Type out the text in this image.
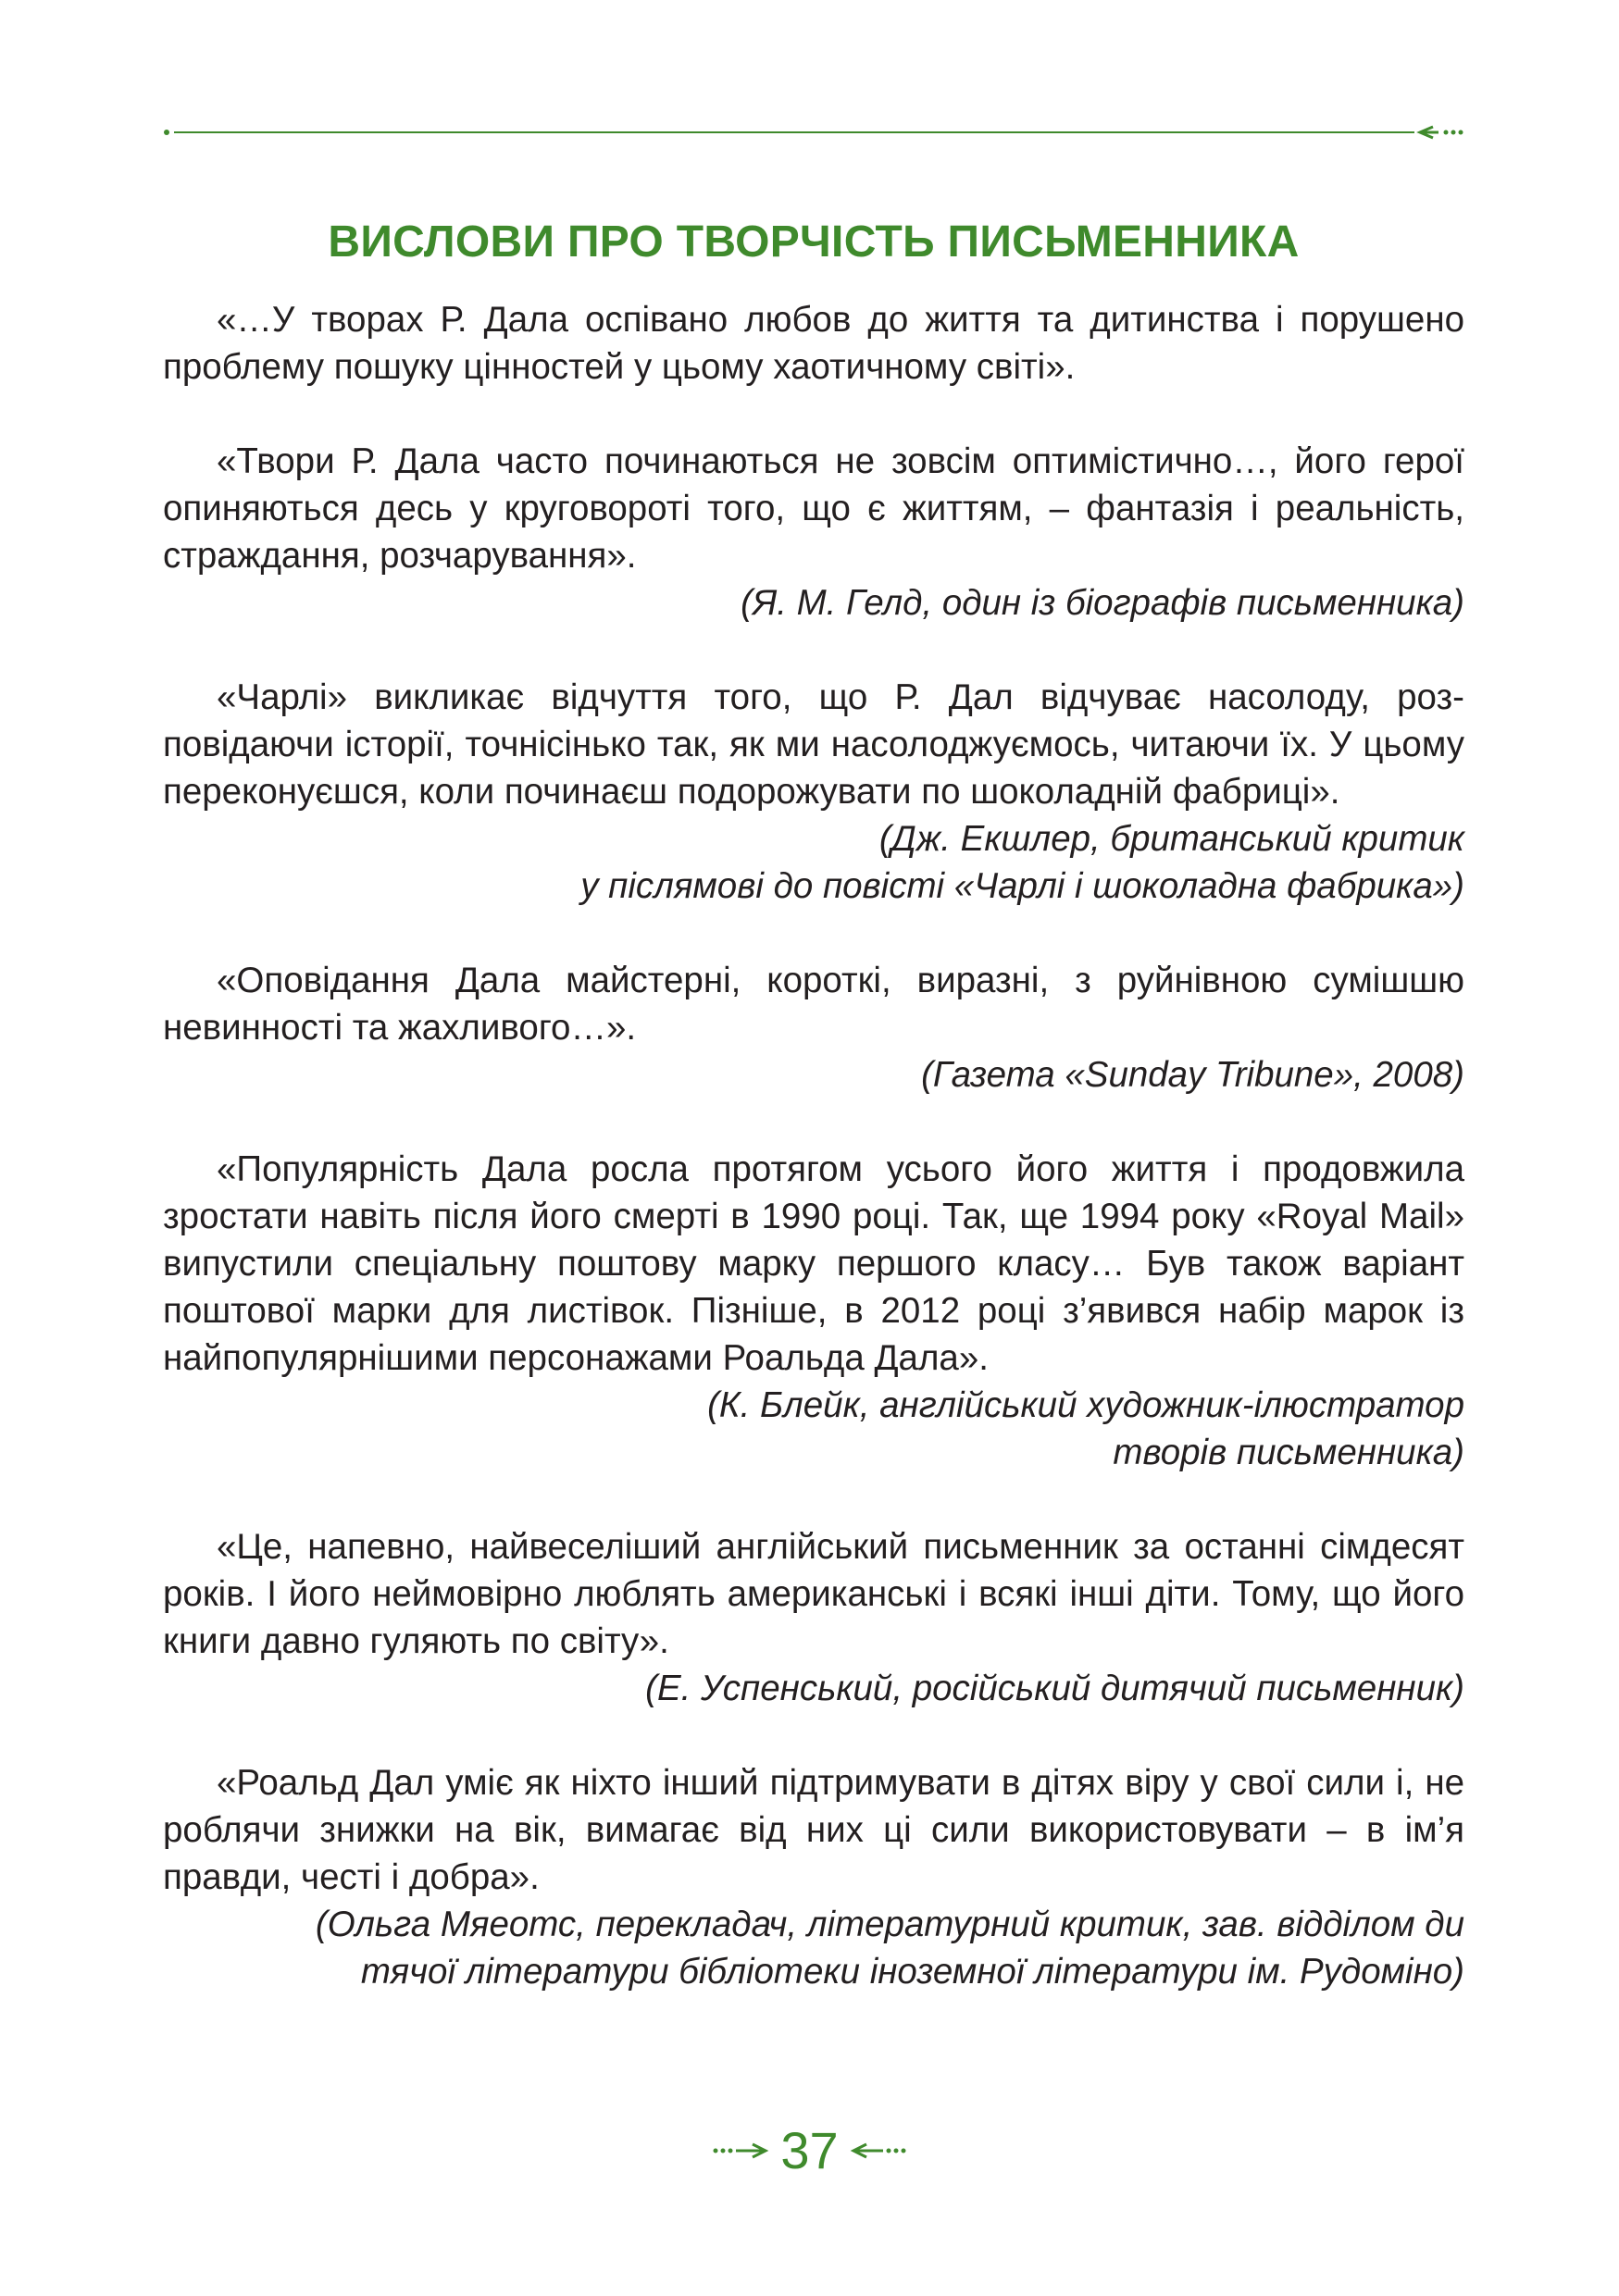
ВИСЛОВИ ПРО ТВОРЧІСТЬ ПИСЬМЕННИКА

«…У творах Р. Дала оспівано любов до життя та дитинства і порушено проблему пошуку цінностей у цьому хаотичному світі».

«Твори Р. Дала часто починаються не зовсім оптимістично…, його герої опиняються десь у круговороті того, що є життям, – фантазія і реальність, страждання, розчарування».

(Я. М. Гелд, один із біографів письменника)

«Чарлі» викликає відчуття того, що Р. Дал відчуває насолоду, розповідаючи історії, точнісінько так, як ми насолоджуємось, читаючи їх. У цьому переконуєшся, коли починаєш подорожувати по шоколадній фабриці».

(Дж. Екшлер, британський критик

у післямові до повісті «Чарлі і шоколадна фабрика»)

«Оповідання Дала майстерні, короткі, виразні, з руйнівною сумішшю невинності та жахливого…».

(Газета «Sunday Tribune», 2008)

«Популярність Дала росла протягом усього його життя і продовжила зростати навіть після його смерті в 1990 році. Так, ще 1994 року «Royal Mail» випустили спеціальну поштову марку першого класу… Був також варіант поштової марки для листівок. Пізніше, в 2012 році з’явився набір марок із найпопулярнішими персонажами Роальда Дала».

(К. Блейк, англійський художник-ілюстратор

творів письменника)

«Це, напевно, найвеселіший англійський письменник за останні сімдесят років. І його неймовірно люблять американські і всякі інші діти. Тому, що його книги давно гуляють по світу».

(Е. Успенський, російський дитячий письменник)

«Роальд Дал уміє як ніхто інший підтримувати в дітях віру у свої сили і, не роблячи знижки на вік, вимагає від них ці сили використовувати – в ім’я правди, честі і добра».

(Ольга Мяеотс, перекладач, літературний критик, зав. відділом ди

тячої літератури бібліотеки іноземної літератури ім. Рудоміно)

37
